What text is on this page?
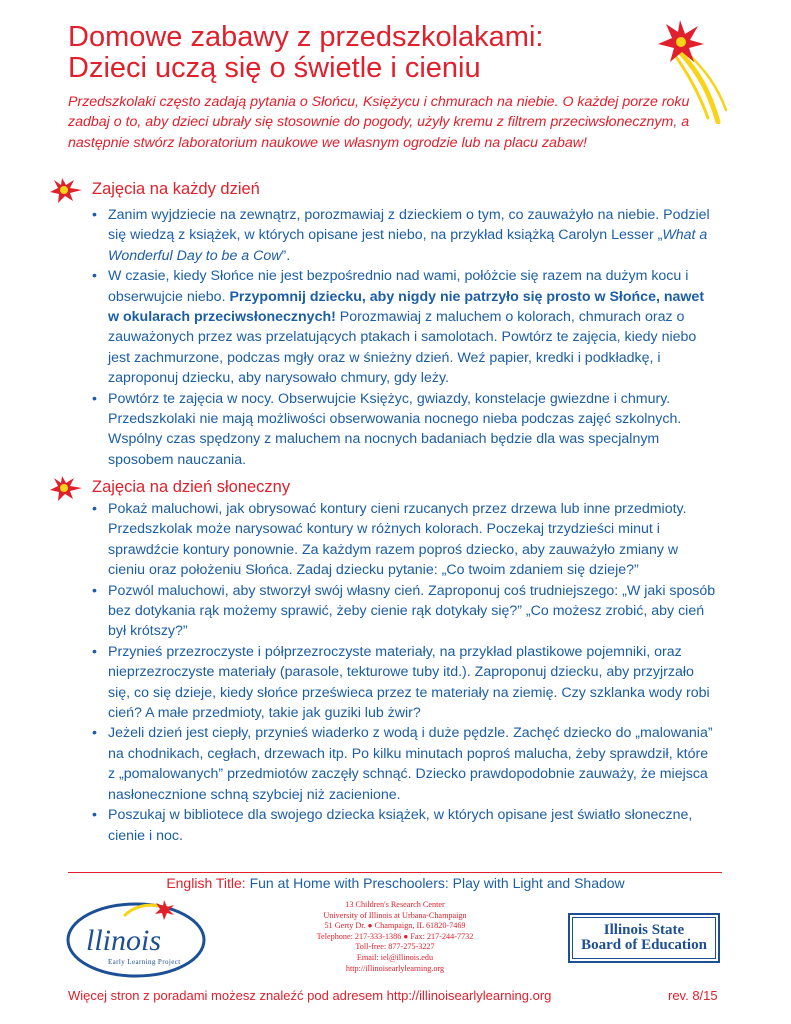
Domowe zabawy z przedszkolakami:
Dzieci uczą się o świetle i cieniu

Przedszkolaki często zadają pytania o Słońcu, Księżycu i chmurach na niebie. O każdej porze roku zadbaj o to, aby dzieci ubrały się stosownie do pogody, użyły kremu z filtrem przeciwsłonecznym, a następnie stwórz laboratorium naukowe we własnym ogrodzie lub na placu zabaw!

Zajęcia na każdy dzień
• Zanim wyjdziecie na zewnątrz, porozmawiaj z dzieckiem o tym, co zauważyło na niebie. Podziel się wiedzą z książek, w których opisane jest niebo, na przykład książką Carolyn Lesser „What a Wonderful Day to be a Cow”.
• W czasie, kiedy Słońce nie jest bezpośrednio nad wami, połóżcie się razem na dużym kocu i obserwujcie niebo. Przypomnij dziecku, aby nigdy nie patrzyło się prosto w Słońce, nawet w okularach przeciwsłonecznych! Porozmawiaj z maluchem o kolorach, chmurach oraz o zauważonych przez was przelatujących ptakach i samolotach. Powtórz te zajęcia, kiedy niebo jest zachmurzone, podczas mgły oraz w śnieżny dzień. Weź papier, kredki i podkładkę, i zaproponuj dziecku, aby narysowało chmury, gdy leży.
• Powtórz te zajęcia w nocy. Obserwujcie Księżyc, gwiazdy, konstelacje gwiezdne i chmury. Przedszkolaki nie mają możliwości obserwowania nocnego nieba podczas zajęć szkolnych. Wspólny czas spędzony z maluchem na nocnych badaniach będzie dla was specjalnym sposobem nauczania.
Zajęcia na dzień słoneczny
• Pokaż maluchowi, jak obrysować kontury cieni rzucanych przez drzewa lub inne przedmioty. Przedszkolak może narysować kontury w różnych kolorach. Poczekaj trzydzieści minut i sprawdźcie kontury ponownie. Za każdym razem poproś dziecko, aby zauważyło zmiany w cieniu oraz położeniu Słońca. Zadaj dziecku pytanie: „Co twoim zdaniem się dzieje?”
• Pozwól maluchowi, aby stworzył swój własny cień. Zaproponuj coś trudniejszego: „W jaki sposób bez dotykania rąk możemy sprawić, żeby cienie rąk dotykały się?” „Co możesz zrobić, aby cień był krótszy?”
• Przynieś przezroczyste i półprzezroczyste materiały, na przykład plastikowe pojemniki, oraz nieprzezroczyste materiały (parasole, tekturowe tuby itd.). Zaproponuj dziecku, aby przyjrzało się, co się dzieje, kiedy słońce prześwieca przez te materiały na ziemię. Czy szklanka wody robi cień? A małe przedmioty, takie jak guziki lub żwir?
• Jeżeli dzień jest ciepły, przynieś wiaderko z wodą i duże pędzle. Zachęć dziecko do „malowania” na chodnikach, cegłach, drzewach itp. Po kilku minutach poproś malucha, żeby sprawdził, które z „pomalowanych” przedmiotów zaczęły schnąć. Dziecko prawdopodobnie zauważy, że miejsca nasłonecznione schną szybciej niż zacienione.
• Poszukaj w bibliotece dla swojego dziecka książek, w których opisane jest światło słoneczne, cienie i noc.

English Title: Fun at Home with Preschoolers: Play with Light and Shadow

llinois
Early Learning Project
13 Children's Research Center
University of Illinois at Urbana-Champaign
51 Gerty Dr. ● Champaign, IL 61820-7469
Telephone: 217-333-1386 ● Fax: 217-244-7732
Toll-free: 877-275-3227
Email: iel@illinois.edu
http://illinoisearlylearning.org
Illinois State
Board of Education

Więcej stron z poradami możesz znaleźć pod adresem http://illinoisearlylearning.org	rev. 8/15
